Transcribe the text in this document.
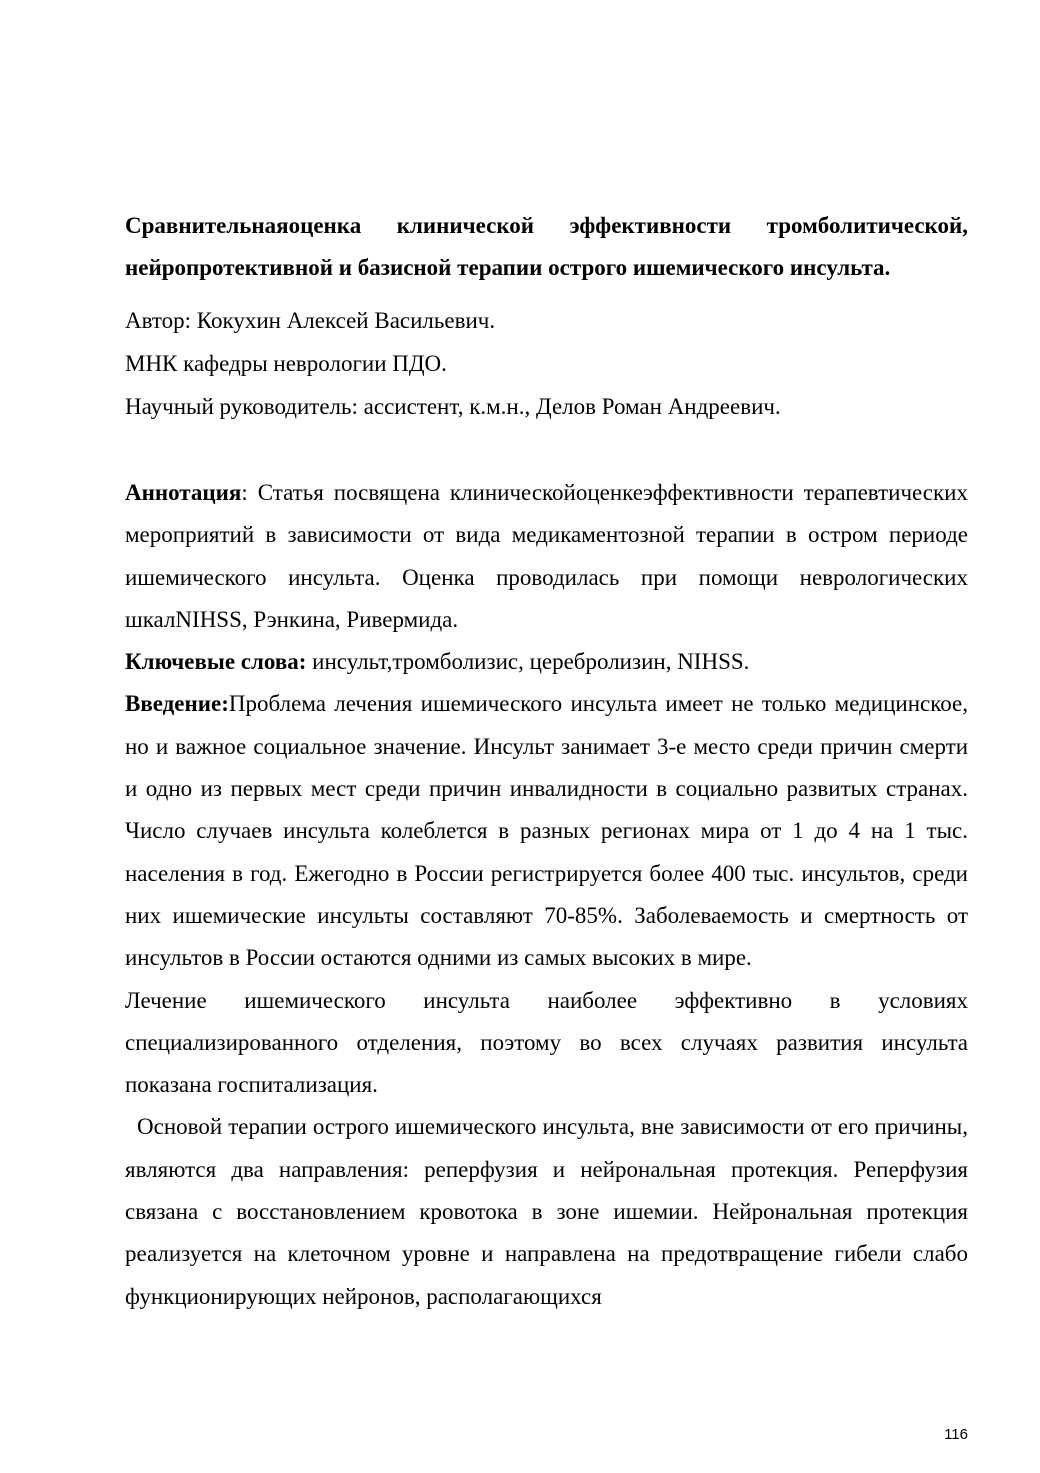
Сравнительнаяоценка клинической эффективности тромболитической, нейропротективной и базисной терапии острого ишемического инсульта.

Автор: Кокухин Алексей Васильевич.

МНК кафедры неврологии ПДО.

Научный руководитель: ассистент, к.м.н., Делов Роман Андреевич.

Аннотация: Статья посвящена клиническойоценкеэффективности терапевтических мероприятий в зависимости от вида медикаментозной терапии в остром периоде ишемического инсульта. Оценка проводилась при помощи неврологических шкалNIHSS, Рэнкина, Ривермида.

Ключевые слова: инсульт,тромболизис, церебролизин, NIHSS.

Введение:Проблема лечения ишемического инсульта имеет не только медицинское, но и важное социальное значение. Инсульт занимает 3-е место среди причин смерти и одно из первых мест среди причин инвалидности в социально развитых странах. Число случаев инсульта колеблется в разных регионах мира от 1 до 4 на 1 тыс. населения в год. Ежегодно в России регистрируется более 400 тыс. инсультов, среди них ишемические инсульты составляют 70-85%. Заболеваемость и смертность от инсультов в России остаются одними из самых высоких в мире.

Лечение ишемического инсульта наиболее эффективно в условиях специализированного отделения, поэтому во всех случаях развития инсульта показана госпитализация.

Основой терапии острого ишемического инсульта, вне зависимости от его причины, являются два направления: реперфузия и нейрональная протекция. Реперфузия связана с восстановлением кровотока в зоне ишемии. Нейрональная протекция реализуется на клеточном уровне и направлена на предотвращение гибели слабо функционирующих нейронов, располагающихся

116
